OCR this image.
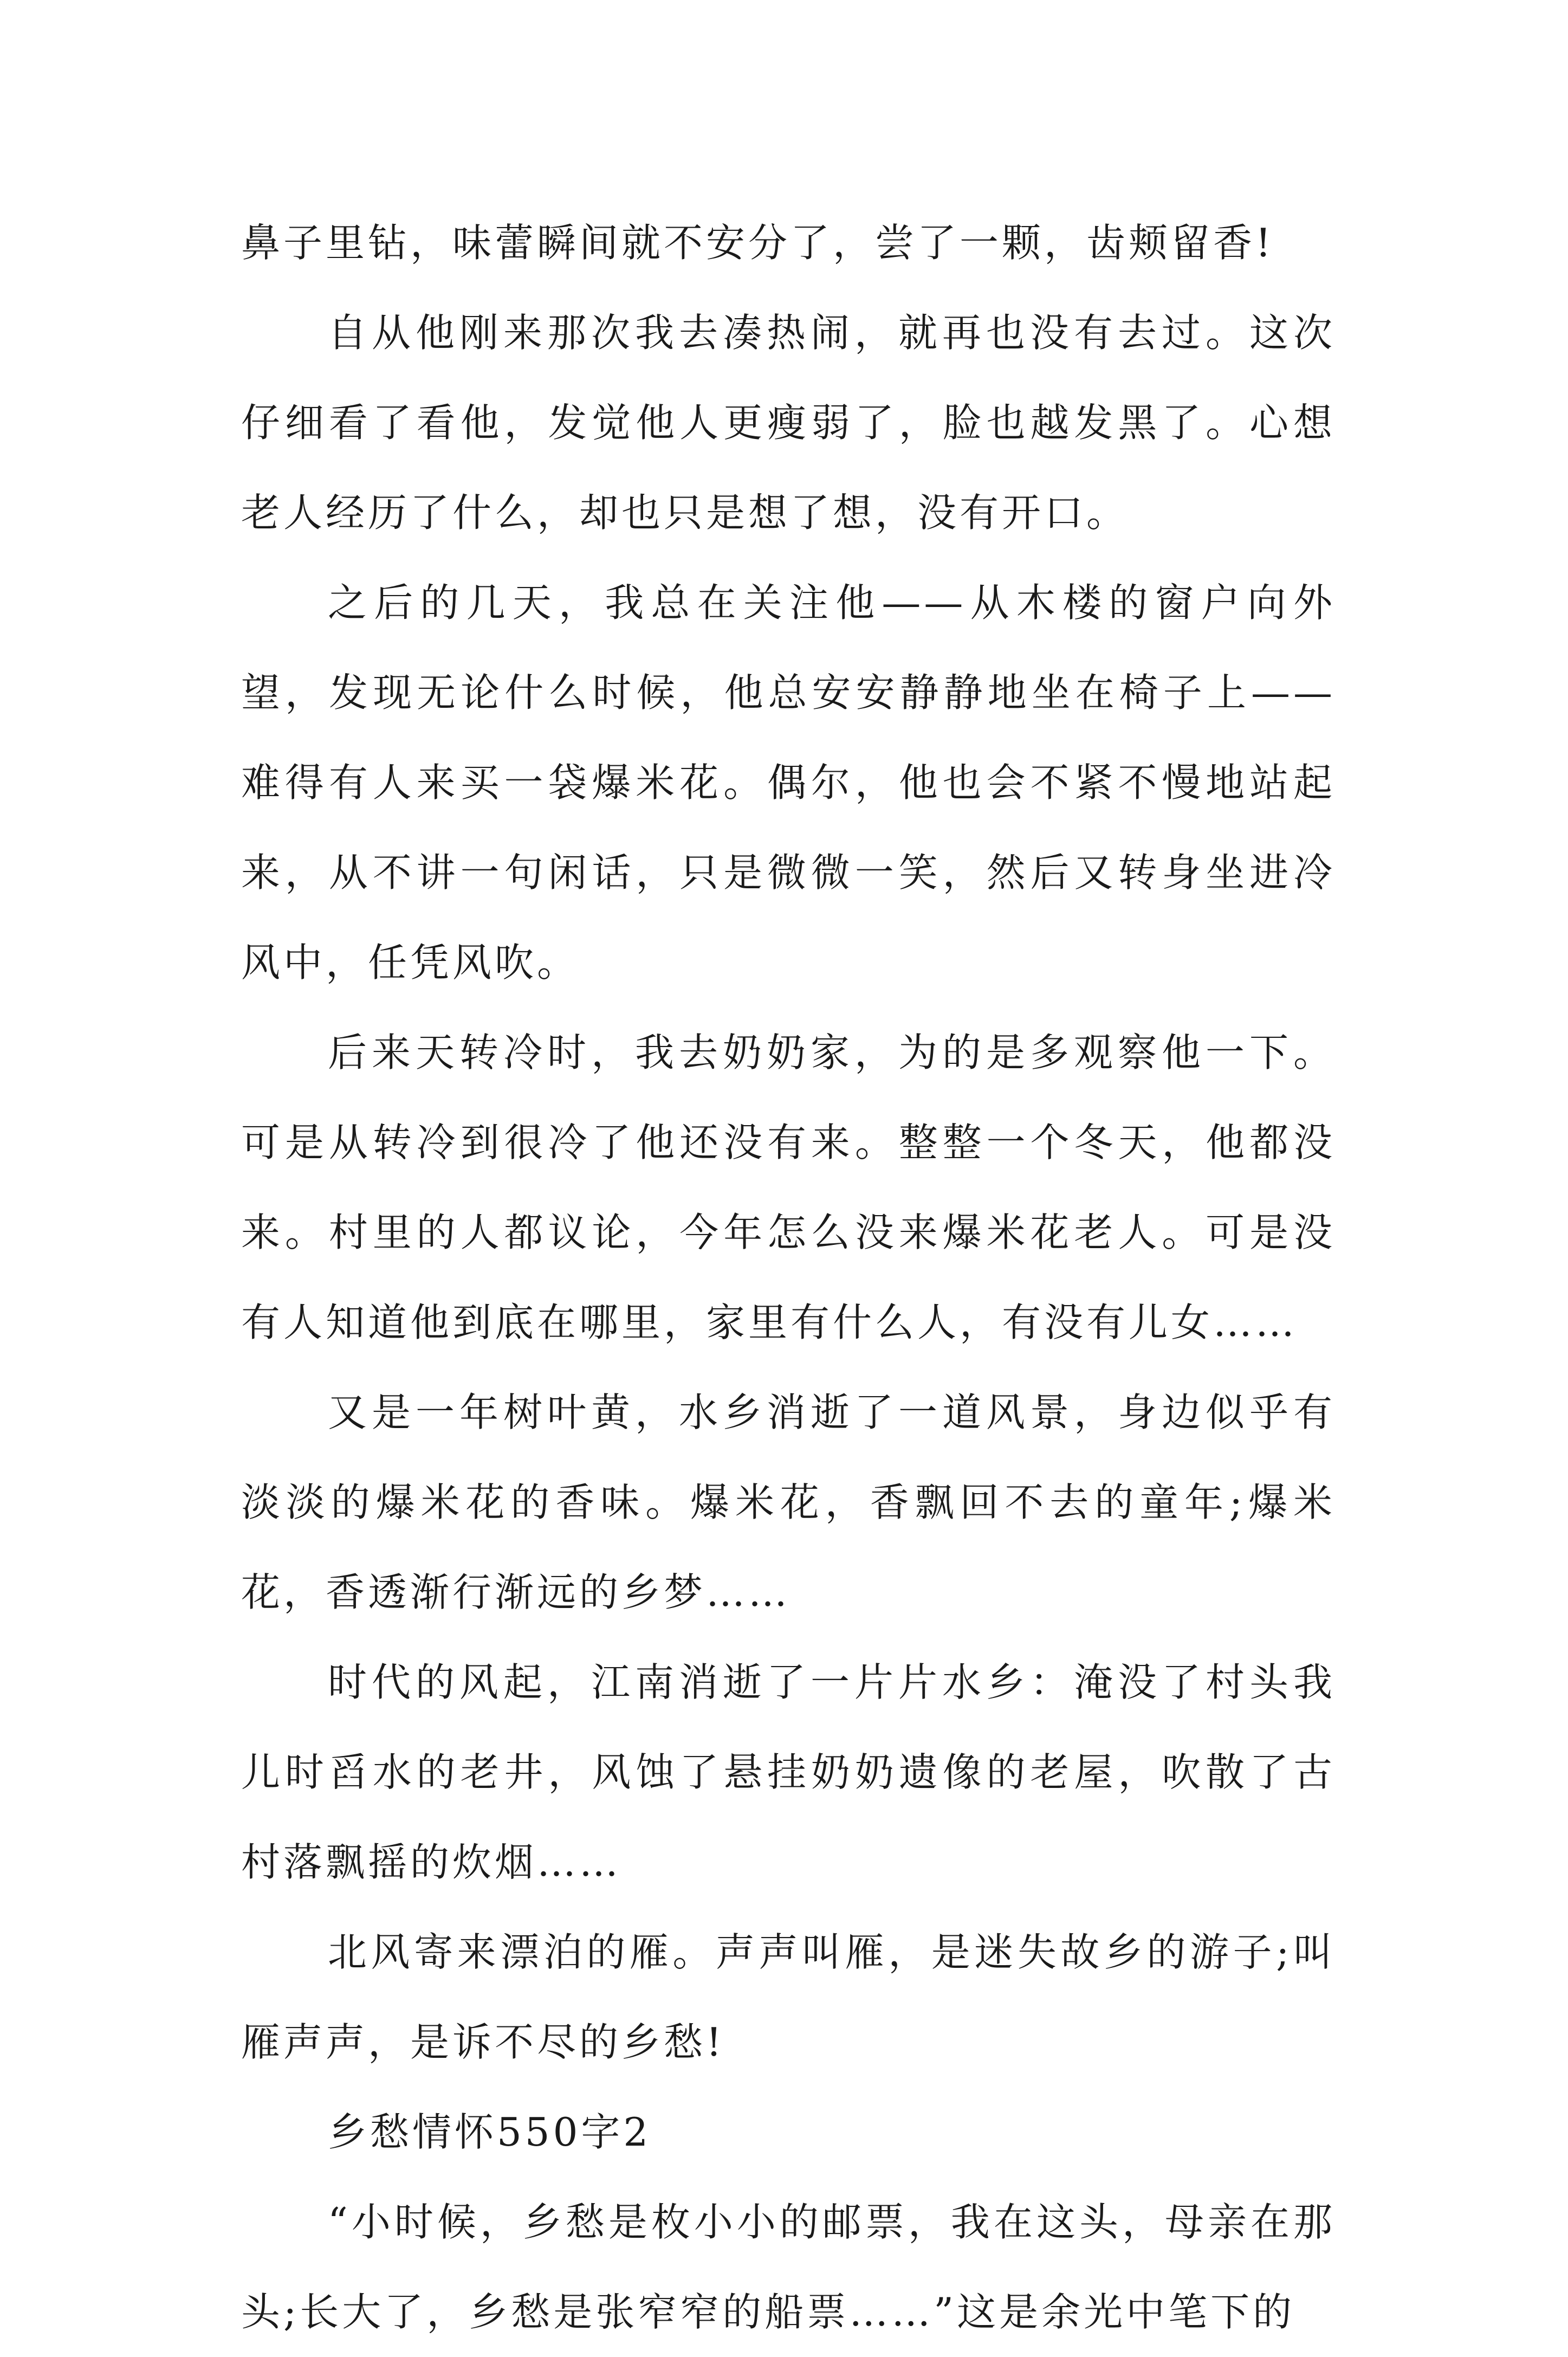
鼻子里钻，味蕾瞬间就不安分了，尝了一颗，齿颊留香!

自从他刚来那次我去凑热闹，就再也没有去过。这次仔细看了看他，发觉他人更瘦弱了，脸也越发黑了。心想老人经历了什么，却也只是想了想，没有开口。

之后的几天，我总在关注他——从木楼的窗户向外望，发现无论什么时候，他总安安静静地坐在椅子上——难得有人来买一袋爆米花。偶尔，他也会不紧不慢地站起来，从不讲一句闲话，只是微微一笑，然后又转身坐进冷风中，任凭风吹。

后来天转冷时，我去奶奶家，为的是多观察他一下。可是从转冷到很冷了他还没有来。整整一个冬天，他都没来。村里的人都议论，今年怎么没来爆米花老人。可是没有人知道他到底在哪里，家里有什么人，有没有儿女……

又是一年树叶黄，水乡消逝了一道风景，身边似乎有淡淡的爆米花的香味。爆米花，香飘回不去的童年;爆米花，香透渐行渐远的乡梦……

时代的风起，江南消逝了一片片水乡：淹没了村头我儿时舀水的老井，风蚀了悬挂奶奶遗像的老屋，吹散了古村落飘摇的炊烟……

北风寄来漂泊的雁。声声叫雁，是迷失故乡的游子;叫雁声声，是诉不尽的乡愁!

乡愁情怀550字2

“小时候，乡愁是枚小小的邮票，我在这头，母亲在那头;长大了，乡愁是张窄窄的船票……”这是余光中笔下的
